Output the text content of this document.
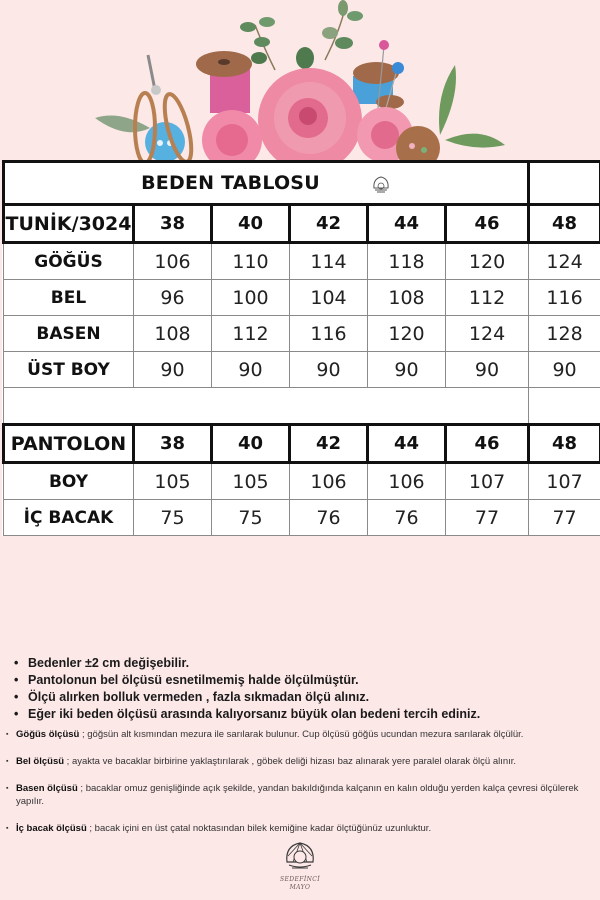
BEDEN TABLOSU						
TUNİK/3024	38	40	42	44	46	48
GÖĞÜS	106	110	114	118	120	124
BEL	96	100	104	108	112	116
BASEN	108	112	116	120	124	128
ÜST BOY	90	90	90	90	90	90

PANTOLON	38	40	42	44	46	48
BOY	105	105	106	106	107	107
İÇ BACAK	75	75	76	76	77	77
• Bedenler ±2 cm değişebilir.
• Pantolonun bel ölçüsü esnetilmemiş halde ölçülmüştür.
• Ölçü alırken bolluk vermeden , fazla sıkmadan ölçü alınız.
• Eğer iki beden ölçüsü arasında kalıyorsanız büyük olan bedeni tercih ediniz.

▪ Göğüs ölçüsü ; göğsün alt kısmından mezura ile sarılarak bulunur. Cup ölçüsü göğüs ucundan mezura sarılarak ölçülür.

▪ Bel ölçüsü ; ayakta ve bacaklar birbirine yaklaştırılarak , göbek deliği hizası baz alınarak yere paralel olarak ölçü alınır.

▪ Basen ölçüsü ; bacaklar omuz genişliğinde açık şekilde, yandan bakıldığında kalçanın en kalın olduğu yerden kalça çevresi ölçülerek yapılır.

▪ İç bacak ölçüsü ; bacak içini en üst çatal noktasından bilek kemiğine kadar ölçtüğünüz uzunluktur.

SEDEFİNCİ
MAYO
